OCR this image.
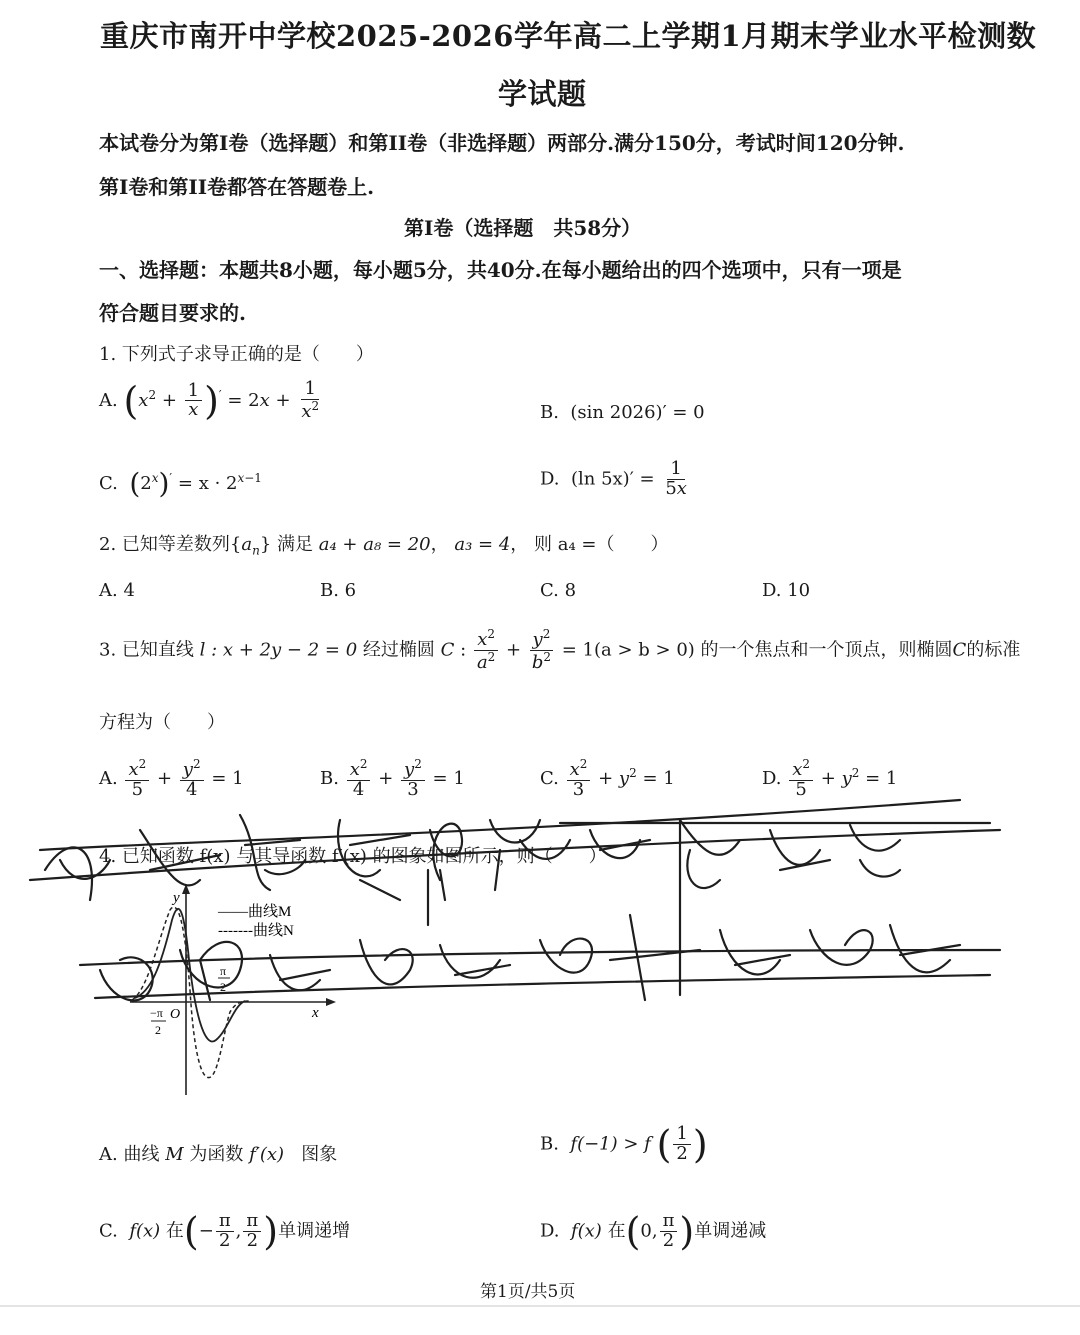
重庆市南开中学校2025-2026学年高二上学期1月期末学业水平检测数
学试题
本试卷分为第I卷（选择题）和第II卷（非选择题）两部分.满分150分，考试时间120分钟.
第I卷和第II卷都答在答题卷上.
第I卷（选择题　共58分）
一、选择题：本题共8小题，每小题5分，共40分.在每小题给出的四个选项中，只有一项是
符合题目要求的.
1. 下列式子求导正确的是（　　）
A. $(x^2 + \frac{1}{x} )' = 2x + \frac{1}{x^2}$	B. (sin 2026)′ = 0
C. $(2^x)' = x \cdot 2^{x-1}$	D. (ln $5x)' = \frac{1}{5x}$
2. 已知等差数列$\{a_n\}$ 满足 a₄ + a₈ = 20， a₃ = 4， 则 a₄ =（　　）
A. 4	B. 6	C. 8	D. 10
3. 已知直线 l : x + 2y − 2 = 0 经过椭圆 C : $\frac{x^2}{a^2} + \frac{y^2}{b^2} = 1(a > b > 0)$ 的一个焦点和一个顶点，则椭圆C的标准
方程为（　　）
A. $\frac{x^2}{5} + \frac{y^2}{4} = 1$	B. $\frac{x^2}{4} + \frac{y^2}{3} = 1$	C. $\frac{x^2}{3} + y^2 = 1$	D. $\frac{x^2}{5} + y^2 = 1$
4. 已知函数 f(x) 与其导函数 f′(x) 的图象如图所示，则（　　）
y
x
O
π
2
−π
2
——曲线M
-------曲线N
A. 曲线 M 为函数 f′(x) 图象
B. f(−1) > f ( $\frac{1}{2}$ )
C. f(x) 在(− $\frac{\pi}{2}$ , $\frac{\pi}{2}$ )单调递增	D. f(x) 在(0, $\frac{\pi}{2}$ )单调递减
第1页/共5页
